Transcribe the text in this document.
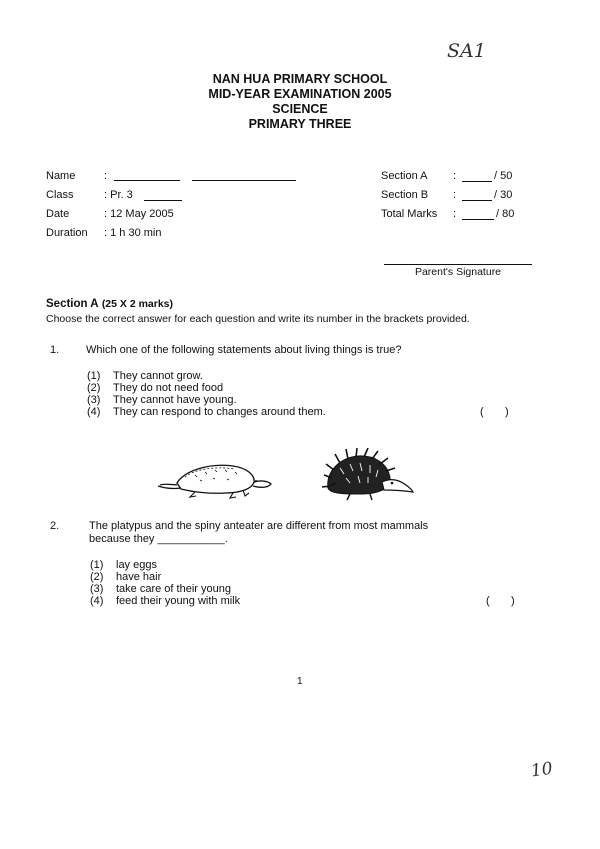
SA1
NAN HUA PRIMARY SCHOOL
MID-YEAR EXAMINATION 2005
SCIENCE
PRIMARY THREE
Name	:
Class	: Pr. 3
Date	: 12 May 2005
Duration : 1 h 30 min
Section A :	/ 50
Section B :	/ 30
Total Marks :	/ 80
Parent's Signature
Section A (25 X 2 marks)
Choose the correct answer for each question and write its number in the brackets provided.
1. Which one of the following statements about living things is true?
(1) They cannot grow.
(2) They do not need food
(3) They cannot have young.
(4) They can respond to changes around them.	(       )
2.	The platypus and the spiny anteater are different from most mammals
because they ___________.
(1) lay eggs
(2) have hair
(3) take care of their young
(4) feed their young with milk	(       )
1
10
